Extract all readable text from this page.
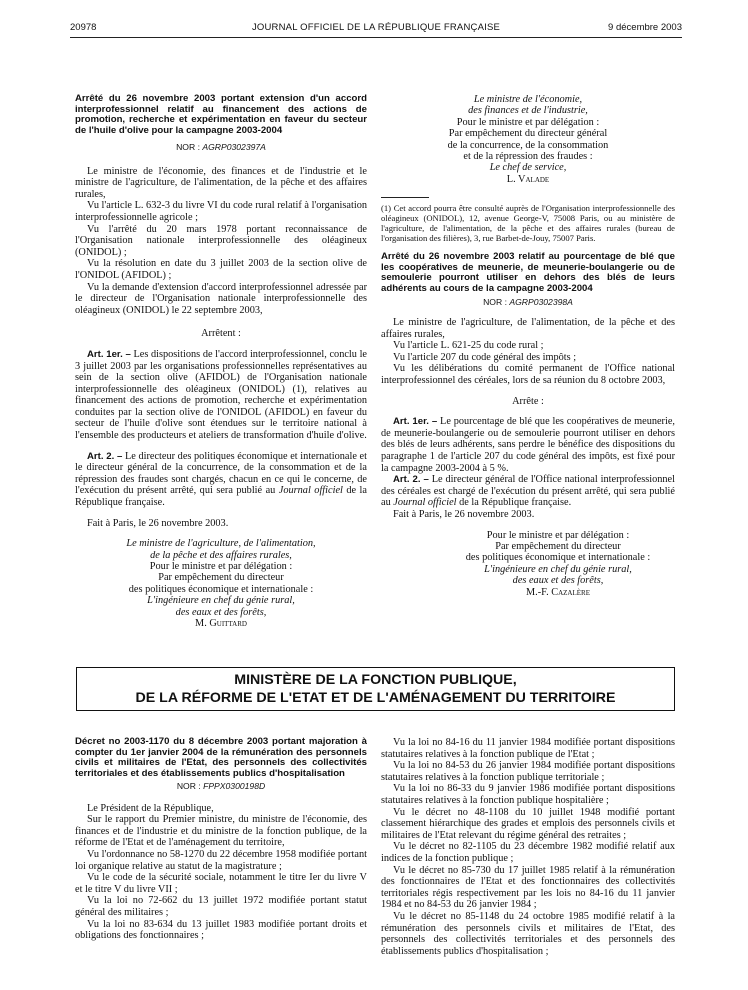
20978	JOURNAL OFFICIEL DE LA RÉPUBLIQUE FRANÇAISE	9 décembre 2003

Arrêté du 26 novembre 2003 portant extension d'un accord interprofessionnel relatif au financement des actions de promotion, recherche et expérimentation en faveur du secteur de l'huile d'olive pour la campagne 2003-2004

NOR : AGRP0302397A

Le ministre de l'économie, des finances et de l'industrie et le ministre de l'agriculture, de l'alimentation, de la pêche et des affaires rurales,

Vu l'article L. 632-3 du livre VI du code rural relatif à l'organisation interprofessionnelle agricole ;

Vu l'arrêté du 20 mars 1978 portant reconnaissance de l'Organisation nationale interprofessionnelle des oléagineux (ONIDOL) ;

Vu la résolution en date du 3 juillet 2003 de la section olive de l'ONIDOL (AFIDOL) ;

Vu la demande d'extension d'accord interprofessionnel adressée par le directeur de l'Organisation nationale interprofessionnelle des oléagineux (ONIDOL) le 22 septembre 2003,

Arrêtent :

Art. 1er. – Les dispositions de l'accord interprofessionnel, conclu le 3 juillet 2003 par les organisations professionnelles représentatives au sein de la section olive (AFIDOL) de l'Organisation nationale interprofessionnelle des oléagineux (ONIDOL) (1), relatives au financement des actions de promotion, recherche et expérimentation conduites par la section olive de l'ONIDOL (AFIDOL) en faveur du secteur de l'huile d'olive sont étendues sur le territoire national à l'ensemble des producteurs et ateliers de transformation d'huile d'olive.

Art. 2. – Le directeur des politiques économique et internationale et le directeur général de la concurrence, de la consommation et de la répression des fraudes sont chargés, chacun en ce qui le concerne, de l'exécution du présent arrêté, qui sera publié au Journal officiel de la République française.

Fait à Paris, le 26 novembre 2003.

Le ministre de l'agriculture, de l'alimentation,
de la pêche et des affaires rurales,
Pour le ministre et par délégation :
Par empêchement du directeur
des politiques économique et internationale :
L'ingénieure en chef du génie rural,
des eaux et des forêts,
M. Guittard
Le ministre de l'économie,
des finances et de l'industrie,
Pour le ministre et par délégation :
Par empêchement du directeur général
de la concurrence, de la consommation
et de la répression des fraudes :
Le chef de service,
L. Valade

(1) Cet accord pourra être consulté auprès de l'Organisation interprofessionnelle des oléagineux (ONIDOL), 12, avenue George-V, 75008 Paris, ou au ministère de l'agriculture, de l'alimentation, de la pêche et des affaires rurales (bureau de l'organisation des filières), 3, rue Barbet-de-Jouy, 75007 Paris.

Arrêté du 26 novembre 2003 relatif au pourcentage de blé que les coopératives de meunerie, de meunerie-boulangerie ou de semoulerie pourront utiliser en dehors des blés de leurs adhérents au cours de la campagne 2003-2004

NOR : AGRP0302398A

Le ministre de l'agriculture, de l'alimentation, de la pêche et des affaires rurales,

Vu l'article L. 621-25 du code rural ;

Vu l'article 207 du code général des impôts ;

Vu les délibérations du comité permanent de l'Office national interprofessionnel des céréales, lors de sa réunion du 8 octobre 2003,

Arrête :

Art. 1er. – Le pourcentage de blé que les coopératives de meunerie, de meunerie-boulangerie ou de semoulerie pourront utiliser en dehors des blés de leurs adhérents, sans perdre le bénéfice des dispositions du paragraphe 1 de l'article 207 du code général des impôts, est fixé pour la campagne 2003-2004 à 5 %.

Art. 2. – Le directeur général de l'Office national interprofessionnel des céréales est chargé de l'exécution du présent arrêté, qui sera publié au Journal officiel de la République française.

Fait à Paris, le 26 novembre 2003.

Pour le ministre et par délégation :
Par empêchement du directeur
des politiques économique et internationale :
L'ingénieure en chef du génie rural,
des eaux et des forêts,
M.-F. Cazalère
MINISTÈRE DE LA FONCTION PUBLIQUE,
DE LA RÉFORME DE L'ETAT ET DE L'AMÉNAGEMENT DU TERRITOIRE

Décret no 2003-1170 du 8 décembre 2003 portant majoration à compter du 1er janvier 2004 de la rémunération des personnels civils et militaires de l'Etat, des personnels des collectivités territoriales et des établissements publics d'hospitalisation

NOR : FPPX0300198D

Le Président de la République,

Sur le rapport du Premier ministre, du ministre de l'économie, des finances et de l'industrie et du ministre de la fonction publique, de la réforme de l'Etat et de l'aménagement du territoire,

Vu l'ordonnance no 58-1270 du 22 décembre 1958 modifiée portant loi organique relative au statut de la magistrature ;

Vu le code de la sécurité sociale, notamment le titre Ier du livre V et le titre V du livre VII ;

Vu la loi no 72-662 du 13 juillet 1972 modifiée portant statut général des militaires ;

Vu la loi no 83-634 du 13 juillet 1983 modifiée portant droits et obligations des fonctionnaires ;

Vu la loi no 84-16 du 11 janvier 1984 modifiée portant dispositions statutaires relatives à la fonction publique de l'Etat ;

Vu la loi no 84-53 du 26 janvier 1984 modifiée portant dispositions statutaires relatives à la fonction publique territoriale ;

Vu la loi no 86-33 du 9 janvier 1986 modifiée portant dispositions statutaires relatives à la fonction publique hospitalière ;

Vu le décret no 48-1108 du 10 juillet 1948 modifié portant classement hiérarchique des grades et emplois des personnels civils et militaires de l'Etat relevant du régime général des retraites ;

Vu le décret no 82-1105 du 23 décembre 1982 modifié relatif aux indices de la fonction publique ;

Vu le décret no 85-730 du 17 juillet 1985 relatif à la rémunération des fonctionnaires de l'Etat et des fonctionnaires des collectivités territoriales régis respectivement par les lois no 84-16 du 11 janvier 1984 et no 84-53 du 26 janvier 1984 ;

Vu le décret no 85-1148 du 24 octobre 1985 modifié relatif à la rémunération des personnels civils et militaires de l'Etat, des personnels des collectivités territoriales et des personnels des établissements publics d'hospitalisation ;
